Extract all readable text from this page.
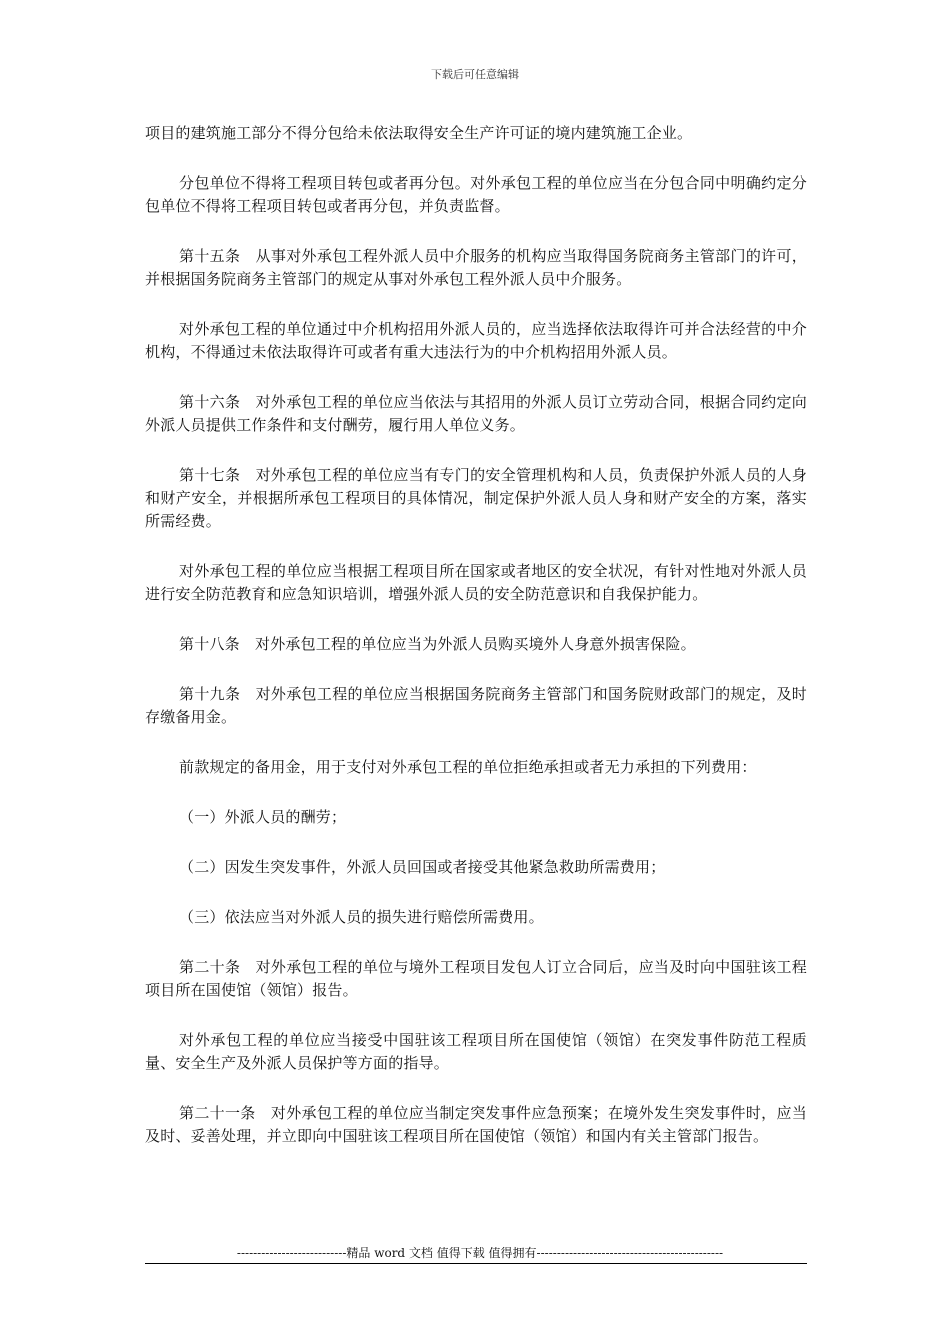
下载后可任意编辑

项目的建筑施工部分不得分包给未依法取得安全生产许可证的境内建筑施工企业。

分包单位不得将工程项目转包或者再分包。对外承包工程的单位应当在分包合同中明确约定分包单位不得将工程项目转包或者再分包，并负责监督。

第十五条　从事对外承包工程外派人员中介服务的机构应当取得国务院商务主管部门的许可，并根据国务院商务主管部门的规定从事对外承包工程外派人员中介服务。

对外承包工程的单位通过中介机构招用外派人员的，应当选择依法取得许可并合法经营的中介机构，不得通过未依法取得许可或者有重大违法行为的中介机构招用外派人员。

第十六条　对外承包工程的单位应当依法与其招用的外派人员订立劳动合同，根据合同约定向外派人员提供工作条件和支付酬劳，履行用人单位义务。

第十七条　对外承包工程的单位应当有专门的安全管理机构和人员，负责保护外派人员的人身和财产安全，并根据所承包工程项目的具体情况，制定保护外派人员人身和财产安全的方案，落实所需经费。

对外承包工程的单位应当根据工程项目所在国家或者地区的安全状况，有针对性地对外派人员进行安全防范教育和应急知识培训，增强外派人员的安全防范意识和自我保护能力。

第十八条　对外承包工程的单位应当为外派人员购买境外人身意外损害保险。

第十九条　对外承包工程的单位应当根据国务院商务主管部门和国务院财政部门的规定，及时存缴备用金。

前款规定的备用金，用于支付对外承包工程的单位拒绝承担或者无力承担的下列费用：

（一）外派人员的酬劳；

（二）因发生突发事件，外派人员回国或者接受其他紧急救助所需费用；

（三）依法应当对外派人员的损失进行赔偿所需费用。

第二十条　对外承包工程的单位与境外工程项目发包人订立合同后，应当及时向中国驻该工程项目所在国使馆（领馆）报告。

对外承包工程的单位应当接受中国驻该工程项目所在国使馆（领馆）在突发事件防范工程质量、安全生产及外派人员保护等方面的指导。

第二十一条　对外承包工程的单位应当制定突发事件应急预案；在境外发生突发事件时，应当及时、妥善处理，并立即向中国驻该工程项目所在国使馆（领馆）和国内有关主管部门报告。

---------------------------精品 word 文档 值得下载 值得拥有----------------------------------------------
